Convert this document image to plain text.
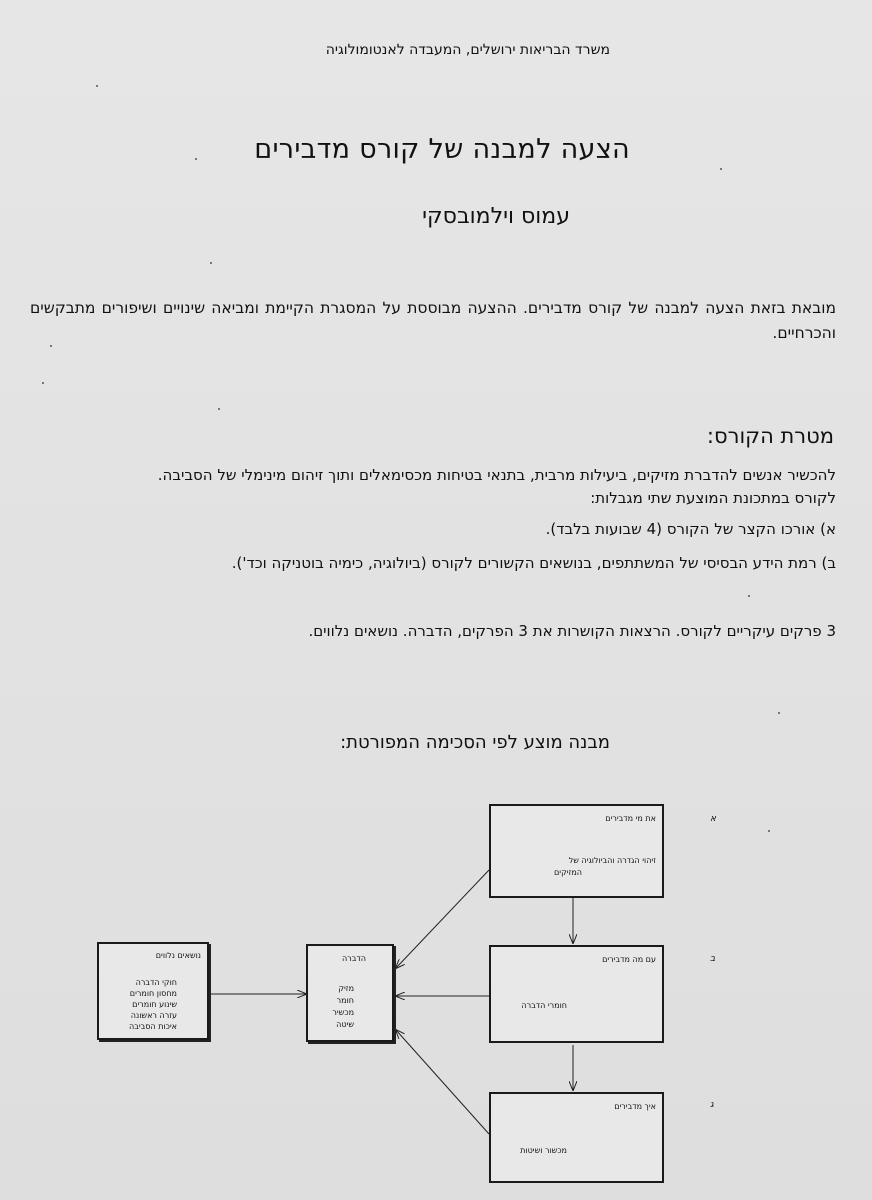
משרד הבריאות ירושלים, המעבדה לאנטומולוגיה
הצעה למבנה של קורס מדבירים
עמוס וילמובסקי
מובאת בזאת הצעה למבנה של קורס מדבירים. ההצעה מבוססת על המסגרת הקיימת ומביאה שינויים ושיפורים מתבקשים והכרחיים.
מטרת הקורס:
להכשיר אנשים להדברת מזיקים, ביעילות מרבית, בתנאי בטיחות מכסימאלים ותוך זיהום מינימלי של הסביבה.
לקורס במתכונת המוצעת שתי מגבלות:
א) אורכו הקצר של הקורס (4 שבועות בלבד).
ב) רמת הידע הבסיסי של המשתתפים, בנושאים הקשורים לקורס (ביולוגיה, כימיה בוטניקה וכד').
3 פרקים עיקריים לקורס. הרצאות הקושרות את 3 הפרקים, הדברה. נושאים נלווים.
מבנה מוצע לפי הסכימה המפורטת:
את מי מדבירים
זיהוי הגדרה והביולוגיה של
המזיקים
א
עם מה מדבירים
חומרי הדברה
ב
איך מדבירים
מכשור ושיטות
ג
הדברה
מזיק
חומר
מכשיר
שיטה
נושאים נלווים
חוקי הדברה
מחסון חומרים
שינוע חומרים
עזרה ראשונה
איכות הסביבה
